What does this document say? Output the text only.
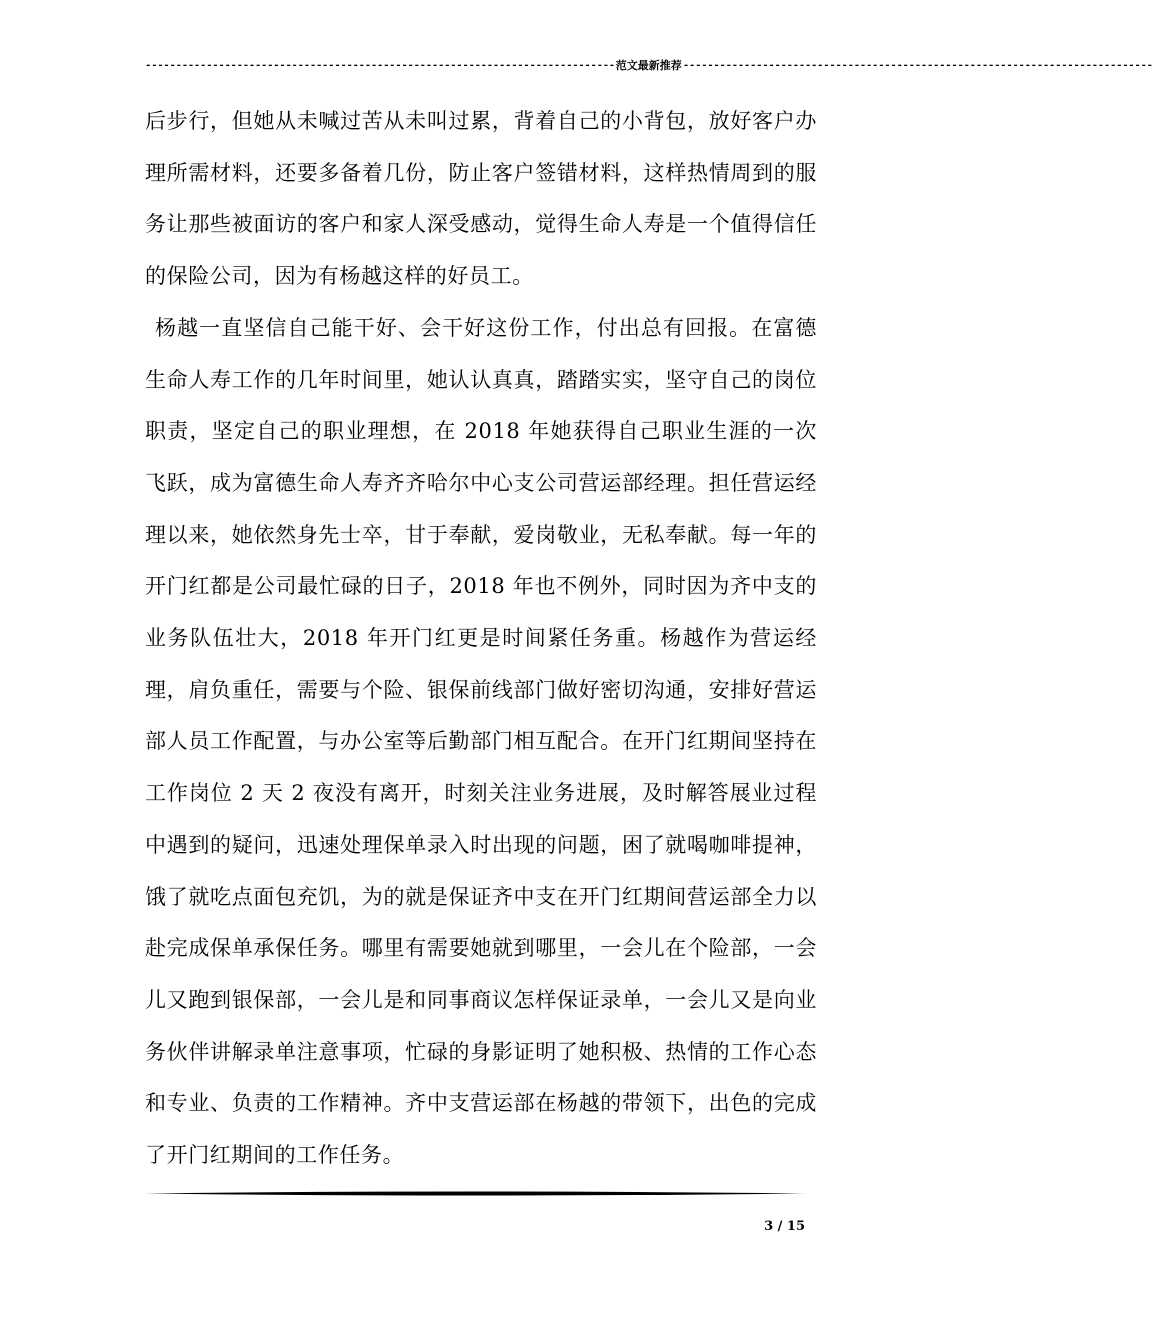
----------------------------------------------------------------------------- 范文最新推荐 -----------------------------------------------------------------------------

后步行，但她从未喊过苦从未叫过累，背着自己的小背包，放好客户办理所需材料，还要多备着几份，防止客户签错材料，这样热情周到的服务让那些被面访的客户和家人深受感动，觉得生命人寿是一个值得信任的保险公司，因为有杨越这样的好员工。

杨越一直坚信自己能干好、会干好这份工作，付出总有回报。在富德生命人寿工作的几年时间里，她认认真真，踏踏实实，坚守自己的岗位职责，坚定自己的职业理想，在 2018 年她获得自己职业生涯的一次飞跃，成为富德生命人寿齐齐哈尔中心支公司营运部经理。担任营运经理以来，她依然身先士卒，甘于奉献，爱岗敬业，无私奉献。每一年的开门红都是公司最忙碌的日子，2018 年也不例外，同时因为齐中支的业务队伍壮大，2018 年开门红更是时间紧任务重。杨越作为营运经理，肩负重任，需要与个险、银保前线部门做好密切沟通，安排好营运部人员工作配置，与办公室等后勤部门相互配合。在开门红期间坚持在工作岗位 2 天 2 夜没有离开，时刻关注业务进展，及时解答展业过程中遇到的疑问，迅速处理保单录入时出现的问题，困了就喝咖啡提神，饿了就吃点面包充饥，为的就是保证齐中支在开门红期间营运部全力以赴完成保单承保任务。哪里有需要她就到哪里，一会儿在个险部，一会儿又跑到银保部，一会儿是和同事商议怎样保证录单，一会儿又是向业务伙伴讲解录单注意事项，忙碌的身影证明了她积极、热情的工作心态和专业、负责的工作精神。齐中支营运部在杨越的带领下，出色的完成了开门红期间的工作任务。

3 / 15
